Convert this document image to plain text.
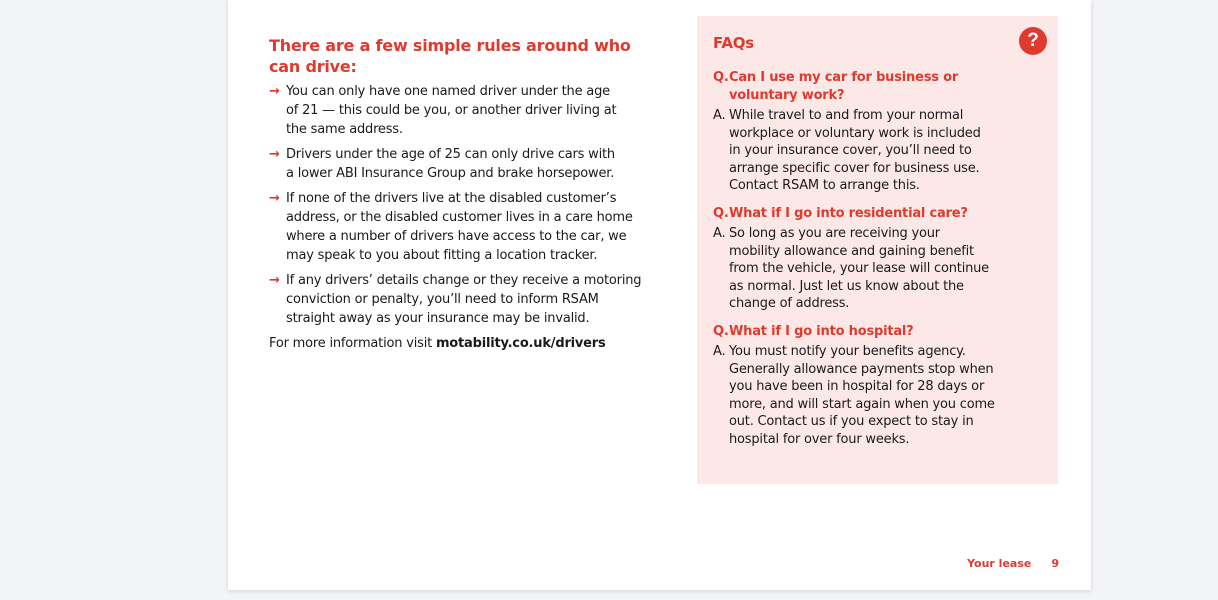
There are a few simple rules around who
can drive:
→ You can only have one named driver under the age
of 21 — this could be you, or another driver living at
the same address.
→ Drivers under the age of 25 can only drive cars with
a lower ABI Insurance Group and brake horsepower.
→ If none of the drivers live at the disabled customer’s
address, or the disabled customer lives in a care home
where a number of drivers have access to the car, we
may speak to you about fitting a location tracker.
→ If any drivers’ details change or they receive a motoring
conviction or penalty, you’ll need to inform RSAM
straight away as your insurance may be invalid.
For more information visit motability.co.uk/drivers
FAQs	?
Q. Can I use my car for business or
voluntary work?
A. While travel to and from your normal
workplace or voluntary work is included
in your insurance cover, you’ll need to
arrange specific cover for business use.
Contact RSAM to arrange this.
Q. What if I go into residential care?
A. So long as you are receiving your
mobility allowance and gaining benefit
from the vehicle, your lease will continue
as normal. Just let us know about the
change of address.
Q. What if I go into hospital?
A. You must notify your benefits agency.
Generally allowance payments stop when
you have been in hospital for 28 days or
more, and will start again when you come
out. Contact us if you expect to stay in
hospital for over four weeks.
Your lease 9
